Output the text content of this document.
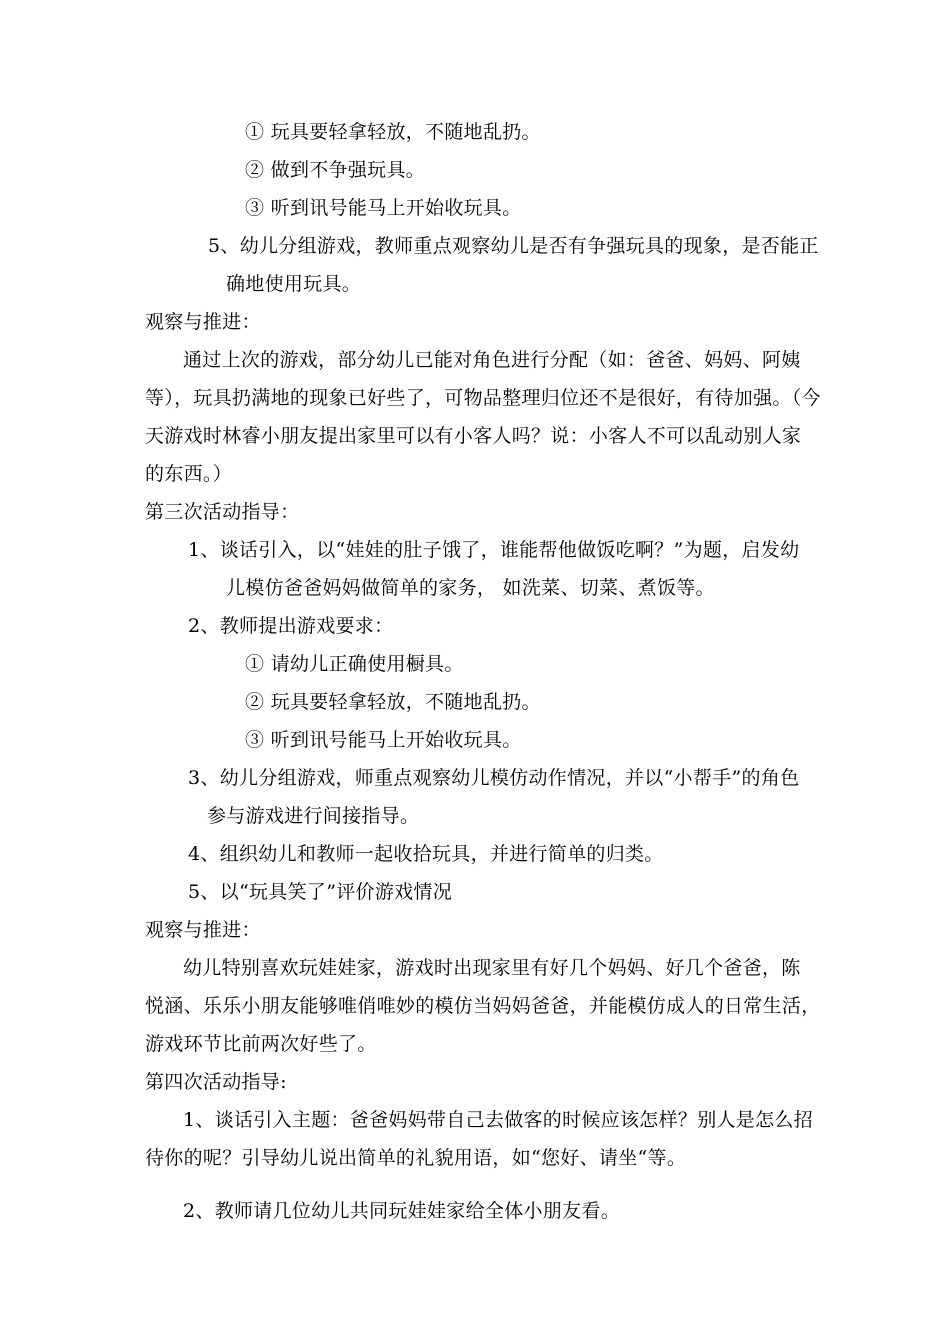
① 玩具要轻拿轻放，不随地乱扔。
② 做到不争强玩具。
③ 听到讯号能马上开始收玩具。
5、幼儿分组游戏，教师重点观察幼儿是否有争强玩具的现象，是否能正
确地使用玩具。
观察与推进：
通过上次的游戏，部分幼儿已能对角色进行分配（如：爸爸、妈妈、阿姨
等），玩具扔满地的现象已好些了，可物品整理归位还不是很好，有待加强。（今
天游戏时林睿小朋友提出家里可以有小客人吗？说：小客人不可以乱动别人家
的东西。）
第三次活动指导：
1、谈话引入，以“娃娃的肚子饿了，谁能帮他做饭吃啊？”为题，启发幼
儿模仿爸爸妈妈做简单的家务， 如洗菜、切菜、煮饭等。
2、教师提出游戏要求：
① 请幼儿正确使用橱具。
② 玩具要轻拿轻放，不随地乱扔。
③ 听到讯号能马上开始收玩具。
3、幼儿分组游戏，师重点观察幼儿模仿动作情况，并以“小帮手”的角色
参与游戏进行间接指导。
4、组织幼儿和教师一起收拾玩具，并进行简单的归类。
5、以“玩具笑了”评价游戏情况
观察与推进：
幼儿特别喜欢玩娃娃家，游戏时出现家里有好几个妈妈、好几个爸爸，陈
悦涵、乐乐小朋友能够唯俏唯妙的模仿当妈妈爸爸，并能模仿成人的日常生活，
游戏环节比前两次好些了。
第四次活动指导:
1、谈话引入主题：爸爸妈妈带自己去做客的时候应该怎样？别人是怎么招
待你的呢？引导幼儿说出简单的礼貌用语，如“您好、请坐“等。
2、教师请几位幼儿共同玩娃娃家给全体小朋友看。
